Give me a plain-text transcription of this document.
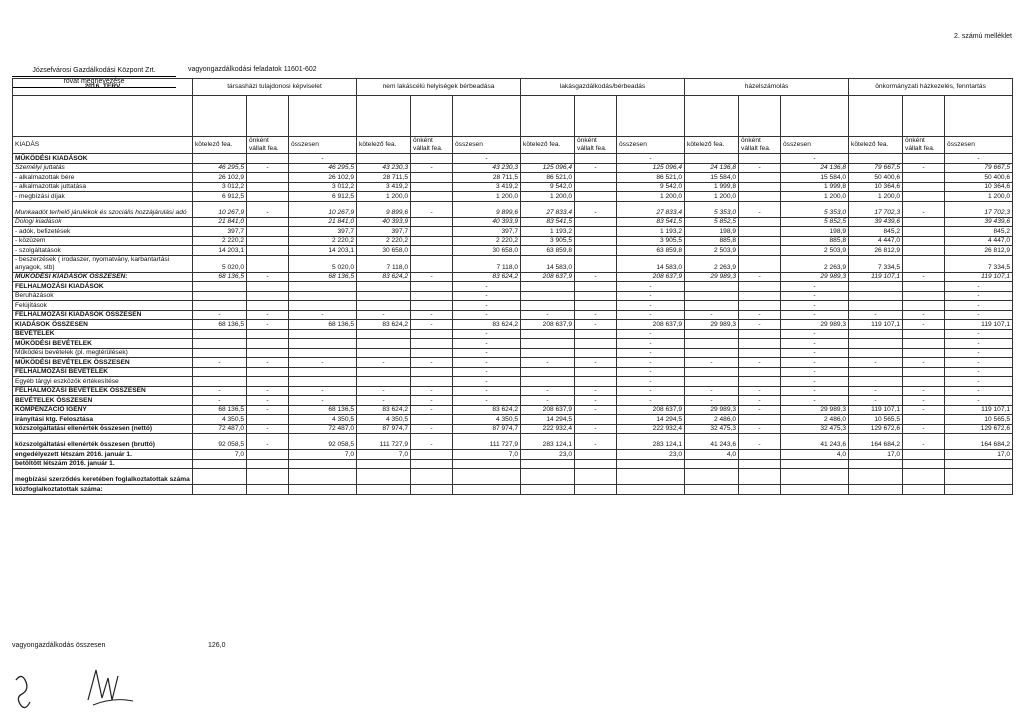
2. számú melléklet
Józsefvárosi Gazdálkodási Központ Zrt.
rovat megnevezése
vagyongazdálkodási feladatok 11601-602
2016. TERV	társasházi tulajdonosi képviselet			nem lakáscélú helyiségek bérbeadása			lakásgazdálkodás/bérbeadás			házelszámolás			önkormányzati házkezelés, fenntartás		

KIADÁS	kötelező fea.	önként vállalt fea.	összesen	kötelező fea.	önként vállalt fea.	összesen	kötelező fea.	önként vállalt fea.	összesen	kötelező fea.	önként vállalt fea.	összesen	kötelező fea.	önként vállalt fea.	összesen
MŰKÖDÉSI KIADÁSOK			-			-			-			-			-
Személyi juttatás	46 295,5	-	46 295,5	43 230,3	-	43 230,3	125 096,4	-	125 096,4	24 136,8	-	24 136,8	79 667,5	-	79 667,5
- alkalmazottak bére	26 102,9		26 102,9	28 711,5		28 711,5	86 521,0		86 521,0	15 584,0		15 584,0	50 400,6		50 400,6
- alkalmazottak juttatása	3 012,2		3 012,2	3 419,2		3 419,2	9 542,0		9 542,0	1 999,8		1 999,8	10 364,6		10 364,6
- megbízási díjak	6 912,5		6 912,5	1 200,0		1 200,0	1 200,0		1 200,0	1 200,0		1 200,0	1 200,0		1 200,0
Munkaadót terhelő járulékok és szociális hozzájárulási adó	10 267,9	-	10 267,9	9 899,6	-	9 899,6	27 833,4	-	27 833,4	5 353,0	-	5 353,0	17 702,3	-	17 702,3
Dologi kiadások	21 841,0		21 841,0	40 393,9		40 393,9	83 541,5		83 541,5	5 852,5		5 852,5	39 439,6		39 439,6
- adók, befizetések	397,7		397,7	397,7		397,7	1 193,2		1 193,2	198,9		198,9	845,2		845,2
- közüzem	2 220,2		2 220,2	2 220,2		2 220,2	3 905,5		3 905,5	885,8		885,8	4 447,0		4 447,0
- szolgáltatások	14 203,1		14 203,1	30 658,0		30 658,0	63 859,8		63 859,8	2 503,9		2 503,9	26 812,9		26 812,9
- beszerzések ( irodaszer, nyomatvány, karbantartási anyagok, stb)	5 020,0		5 020,0	7 118,0		7 118,0	14 583,0		14 583,0	2 263,9		2 263,9	7 334,5		7 334,5
MŰKÖDÉSI KIADÁSOK ÖSSZESEN:	68 136,5	-	68 136,5	83 624,2	-	83 624,2	208 637,9	-	208 637,9	29 989,3	-	29 989,3	119 107,1	-	119 107,1
FELHALMOZÁSI KIADÁSOK						-			-			-			-
Beruházások						-			-			-			-
Felújítások						-			-			-			-
FELHALMOZÁSI KIADÁSOK ÖSSZESEN	-	-	-	-	-	-	-	-	-	-	-	-	-	-	-
KIADÁSOK ÖSSZESEN	68 136,5	-	68 136,5	83 624,2	-	83 624,2	208 637,9	-	208 637,9	29 989,3	-	29 989,3	119 107,1	-	119 107,1
BEVÉTELEK						-			-			-			-
MŰKÖDÉSI BEVÉTELEK						-			-			-			-
Működési bevételek (pl. megtérülések)						-			-			-			-
MŰKÖDÉSI BEVÉTELEK ÖSSZESEN	-	-	-	-	-	-	-	-	-	-	-	-	-	-	-
FELHALMOZÁSI BEVÉTELEK						-			-			-			-
Egyéb tárgyi eszközök értékesítése						-			-			-			-
FELHALMOZÁSI BEVÉTELEK ÖSSZESEN	-	-	-	-	-	-	-	-	-	-	-	-	-	-	-
BEVÉTELEK ÖSSZESEN	-	-	-	-	-	-	-	-	-	-	-	-	-	-	-
KOMPENZÁCIÓ IGÉNY	68 136,5	-	68 136,5	83 624,2	-	83 624,2	208 637,9	-	208 637,9	29 989,3	-	29 989,3	119 107,1	-	119 107,1
irányítási ktg. Felosztása	4 350,5		4 350,5	4 350,5		4 350,5	14 294,5		14 294,5	2 486,0		2 486,0	10 565,5		10 565,5
közszolgáltatási ellenérték összesen (nettó)	72 487,0	-	72 487,0	87 974,7	-	87 974,7	222 932,4	-	222 932,4	32 475,3	-	32 475,3	129 672,6	-	129 672,6
közszolgáltatási ellenérték összesen (bruttó)	92 058,5	-	92 058,5	111 727,9	-	111 727,9	283 124,1	-	283 124,1	41 243,6	-	41 243,6	164 684,2	-	164 684,2
engedélyezett létszám 2016. január 1.	7,0		7,0	7,0		7,0	23,0		23,0	4,0		4,0	17,0		17,0
betöltött létszám 2016. január 1.															
megbízási szerződés keretében foglalkoztatottak száma															
közfoglalkoztatottak száma:															
vagyongazdálkodás összesen	126,0
